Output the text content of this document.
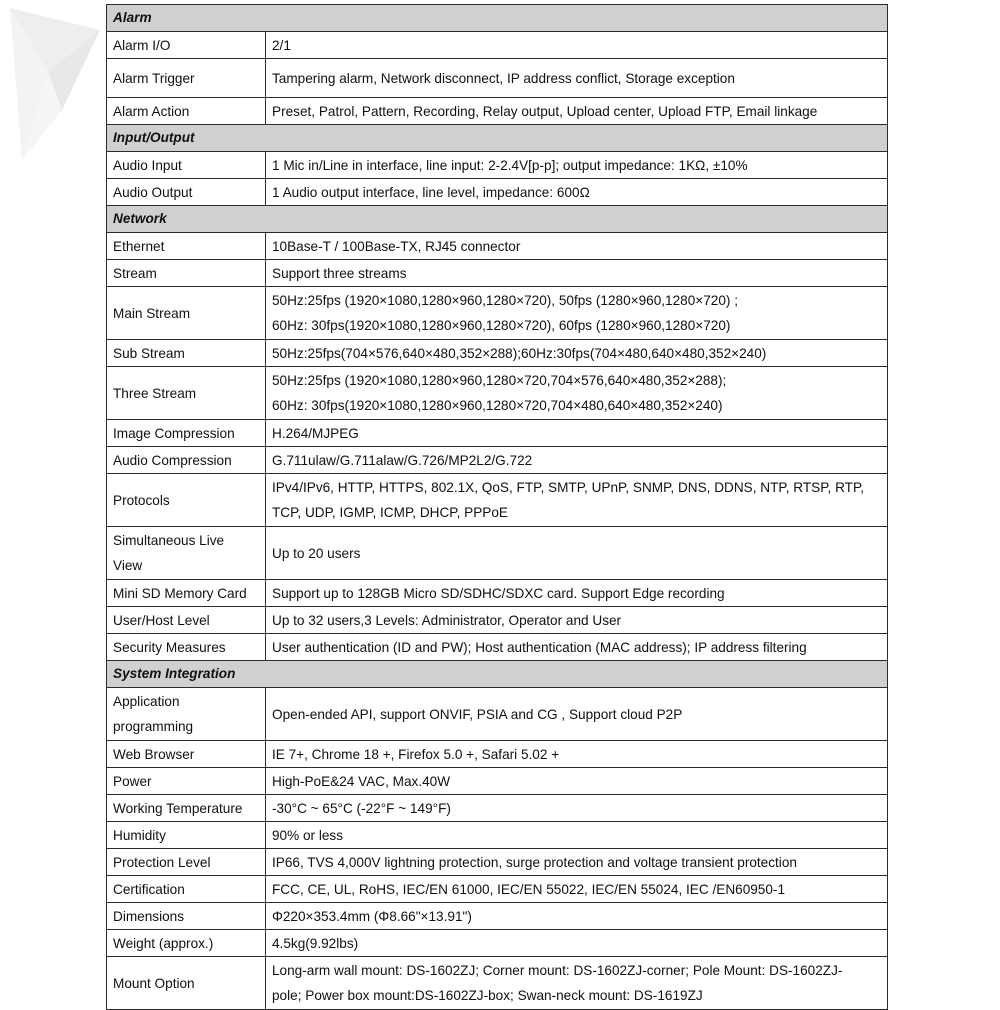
Alarm	
Alarm I/O	2/1
Alarm Trigger	Tampering alarm, Network disconnect, IP address conflict, Storage exception
Alarm Action	Preset, Patrol, Pattern, Recording, Relay output, Upload center, Upload FTP, Email linkage
Input/Output	
Audio Input	1 Mic in/Line in interface, line input: 2-2.4V[p-p]; output impedance: 1KΩ, ±10%
Audio Output	1 Audio output interface, line level, impedance: 600Ω
Network	
Ethernet	10Base-T / 100Base-TX, RJ45 connector
Stream	Support three streams
Main Stream	50Hz:25fps (1920×1080,1280×960,1280×720), 50fps (1280×960,1280×720) ;
60Hz: 30fps(1920×1080,1280×960,1280×720), 60fps (1280×960,1280×720)

Sub Stream	50Hz:25fps(704×576,640×480,352×288);60Hz:30fps(704×480,640×480,352×240)
Three Stream	50Hz:25fps (1920×1080,1280×960,1280×720,704×576,640×480,352×288);
60Hz: 30fps(1920×1080,1280×960,1280×720,704×480,640×480,352×240)

Image Compression	H.264/MJPEG
Audio Compression	G.711ulaw/G.711alaw/G.726/MP2L2/G.722
Protocols	IPv4/IPv6, HTTP, HTTPS, 802.1X, QoS, FTP, SMTP, UPnP, SNMP, DNS, DDNS, NTP, RTSP, RTP,
TCP, UDP, IGMP, ICMP, DHCP, PPPoE

Simultaneous Live
View	Up to 20 users
Mini SD Memory Card	Support up to 128GB Micro SD/SDHC/SDXC card. Support Edge recording
User/Host Level	Up to 32 users,3 Levels: Administrator, Operator and User
Security Measures	User authentication (ID and PW); Host authentication (MAC address); IP address filtering
System Integration	

Application
programming	Open-ended API, support ONVIF, PSIA and CG , Support cloud P2P
Web Browser	IE 7+, Chrome 18 +, Firefox 5.0 +, Safari 5.02 +
Power	High-PoE&24 VAC, Max.40W
Working Temperature	-30°C ~ 65°C (-22°F ~ 149°F)
Humidity	90% or less
Protection Level	IP66, TVS 4,000V lightning protection, surge protection and voltage transient protection
Certification	FCC, CE, UL, RoHS, IEC/EN 61000, IEC/EN 55022, IEC/EN 55024, IEC /EN60950-1
Dimensions	Φ220×353.4mm (Φ8.66"×13.91")
Weight (approx.)	4.5kg(9.92lbs)
Mount Option	Long-arm wall mount: DS-1602ZJ; Corner mount: DS-1602ZJ-corner; Pole Mount: DS-1602ZJ-
pole; Power box mount:DS-1602ZJ-box; Swan-neck mount: DS-1619ZJ
